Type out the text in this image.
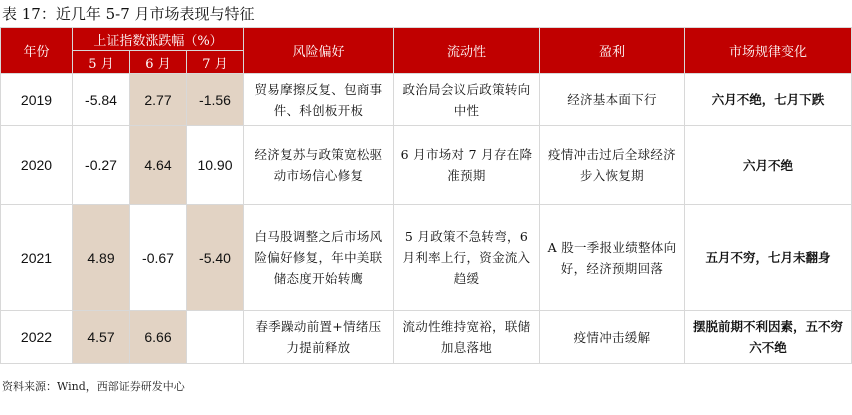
表 17：近几年 5-7 月市场表现与特征
年份	上证指数涨跌幅（%）			风险偏好	流动性	盈利	市场规律变化
	5 月	6 月	7 月				
2019	-5.84	2.77	-1.56	贸易摩擦反复、包商事件、科创板开板	政治局会议后政策转向中性	经济基本面下行	六月不绝，七月下跌
2020	-0.27	4.64	10.90	经济复苏与政策宽松驱动市场信心修复	6 月市场对 7 月存在降准预期	疫情冲击过后全球经济步入恢复期	六月不绝
2021	4.89	-0.67	-5.40	白马股调整之后市场风险偏好修复，年中美联储态度开始转鹰	5 月政策不急转弯，6 月利率上行，资金流入趋缓	A 股一季报业绩整体向好，经济预期回落	五月不穷，七月未翻身
2022	4.57	6.66		春季躁动前置+情绪压力提前释放	流动性维持宽裕，联储加息落地	疫情冲击缓解	摆脱前期不利因素，五不穷六不绝
资料来源：Wind，西部证券研发中心
